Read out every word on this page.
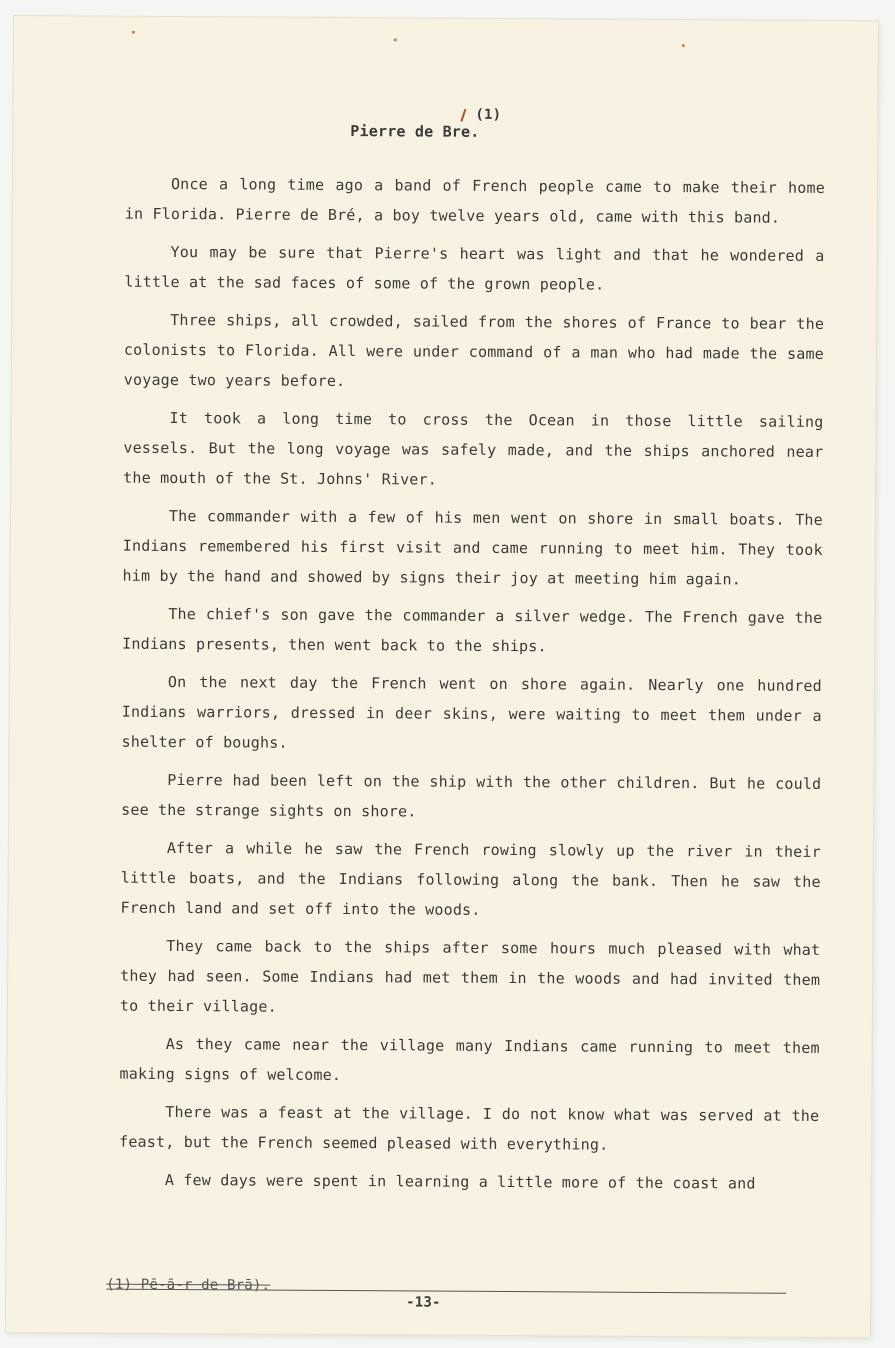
(1)
Pierre de Bre.

Once a long time ago a band of French people came to make their home in Florida. Pierre de Bré, a boy twelve years old, came with this band.

You may be sure that Pierre's heart was light and that he wondered a little at the sad faces of some of the grown people.

Three ships, all crowded, sailed from the shores of France to bear the colonists to Florida. All were under command of a man who had made the same voyage two years before.

It took a long time to cross the Ocean in those little sailing vessels. But the long voyage was safely made, and the ships anchored near the mouth of the St. Johns' River.

The commander with a few of his men went on shore in small boats. The Indians remembered his first visit and came running to meet him. They took him by the hand and showed by signs their joy at meeting him again.

The chief's son gave the commander a silver wedge. The French gave the Indians presents, then went back to the ships.

On the next day the French went on shore again. Nearly one hundred Indians warriors, dressed in deer skins, were waiting to meet them under a shelter of boughs.

Pierre had been left on the ship with the other children. But he could see the strange sights on shore.

After a while he saw the French rowing slowly up the river in their little boats, and the Indians following along the bank. Then he saw the French land and set off into the woods.

They came back to the ships after some hours much pleased with what they had seen. Some Indians had met them in the woods and had invited them to their village.

As they came near the village many Indians came running to meet them making signs of welcome.

There was a feast at the village. I do not know what was served at the feast, but the French seemed pleased with everything.

A few days were spent in learning a little more of the coast and

(1) Pē-ā-r de Brā).
-13-
